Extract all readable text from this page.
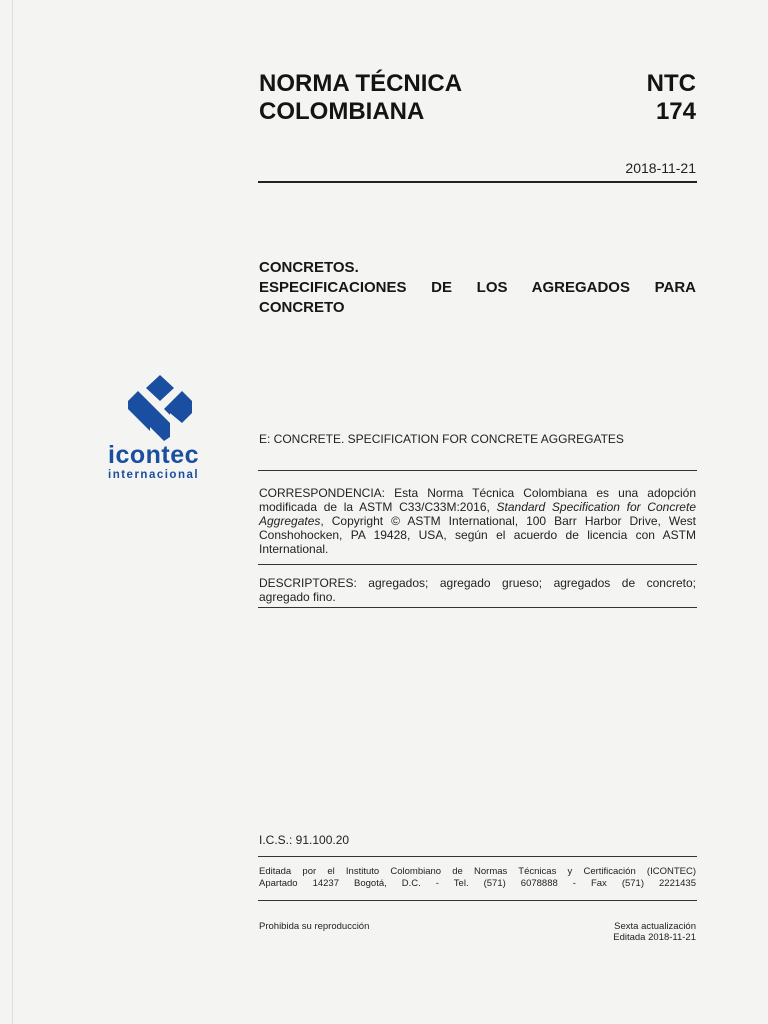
NORMA TÉCNICA
COLOMBIANA
NTC
174
2018-11-21
CONCRETOS.
ESPECIFICACIONES DE LOS AGREGADOS PARA
CONCRETO
icontec
internacional
E: CONCRETE. SPECIFICATION FOR CONCRETE AGGREGATES
CORRESPONDENCIA: Esta Norma Técnica Colombiana es una adopción modificada de la ASTM C33/C33M:2016, Standard Specification for Concrete Aggregates, Copyright © ASTM International, 100 Barr Harbor Drive, West Conshohocken, PA 19428, USA, según el acuerdo de licencia con ASTM International.
DESCRIPTORES: agregados; agregado grueso; agregados de concreto; agregado fino.
I.C.S.: 91.100.20
Editada por el Instituto Colombiano de Normas Técnicas y Certificación (ICONTEC)
Apartado 14237 Bogotá, D.C. - Tel. (571) 6078888 - Fax (571) 2221435
Prohibida su reproducción	Sexta actualización
Editada 2018-11-21
